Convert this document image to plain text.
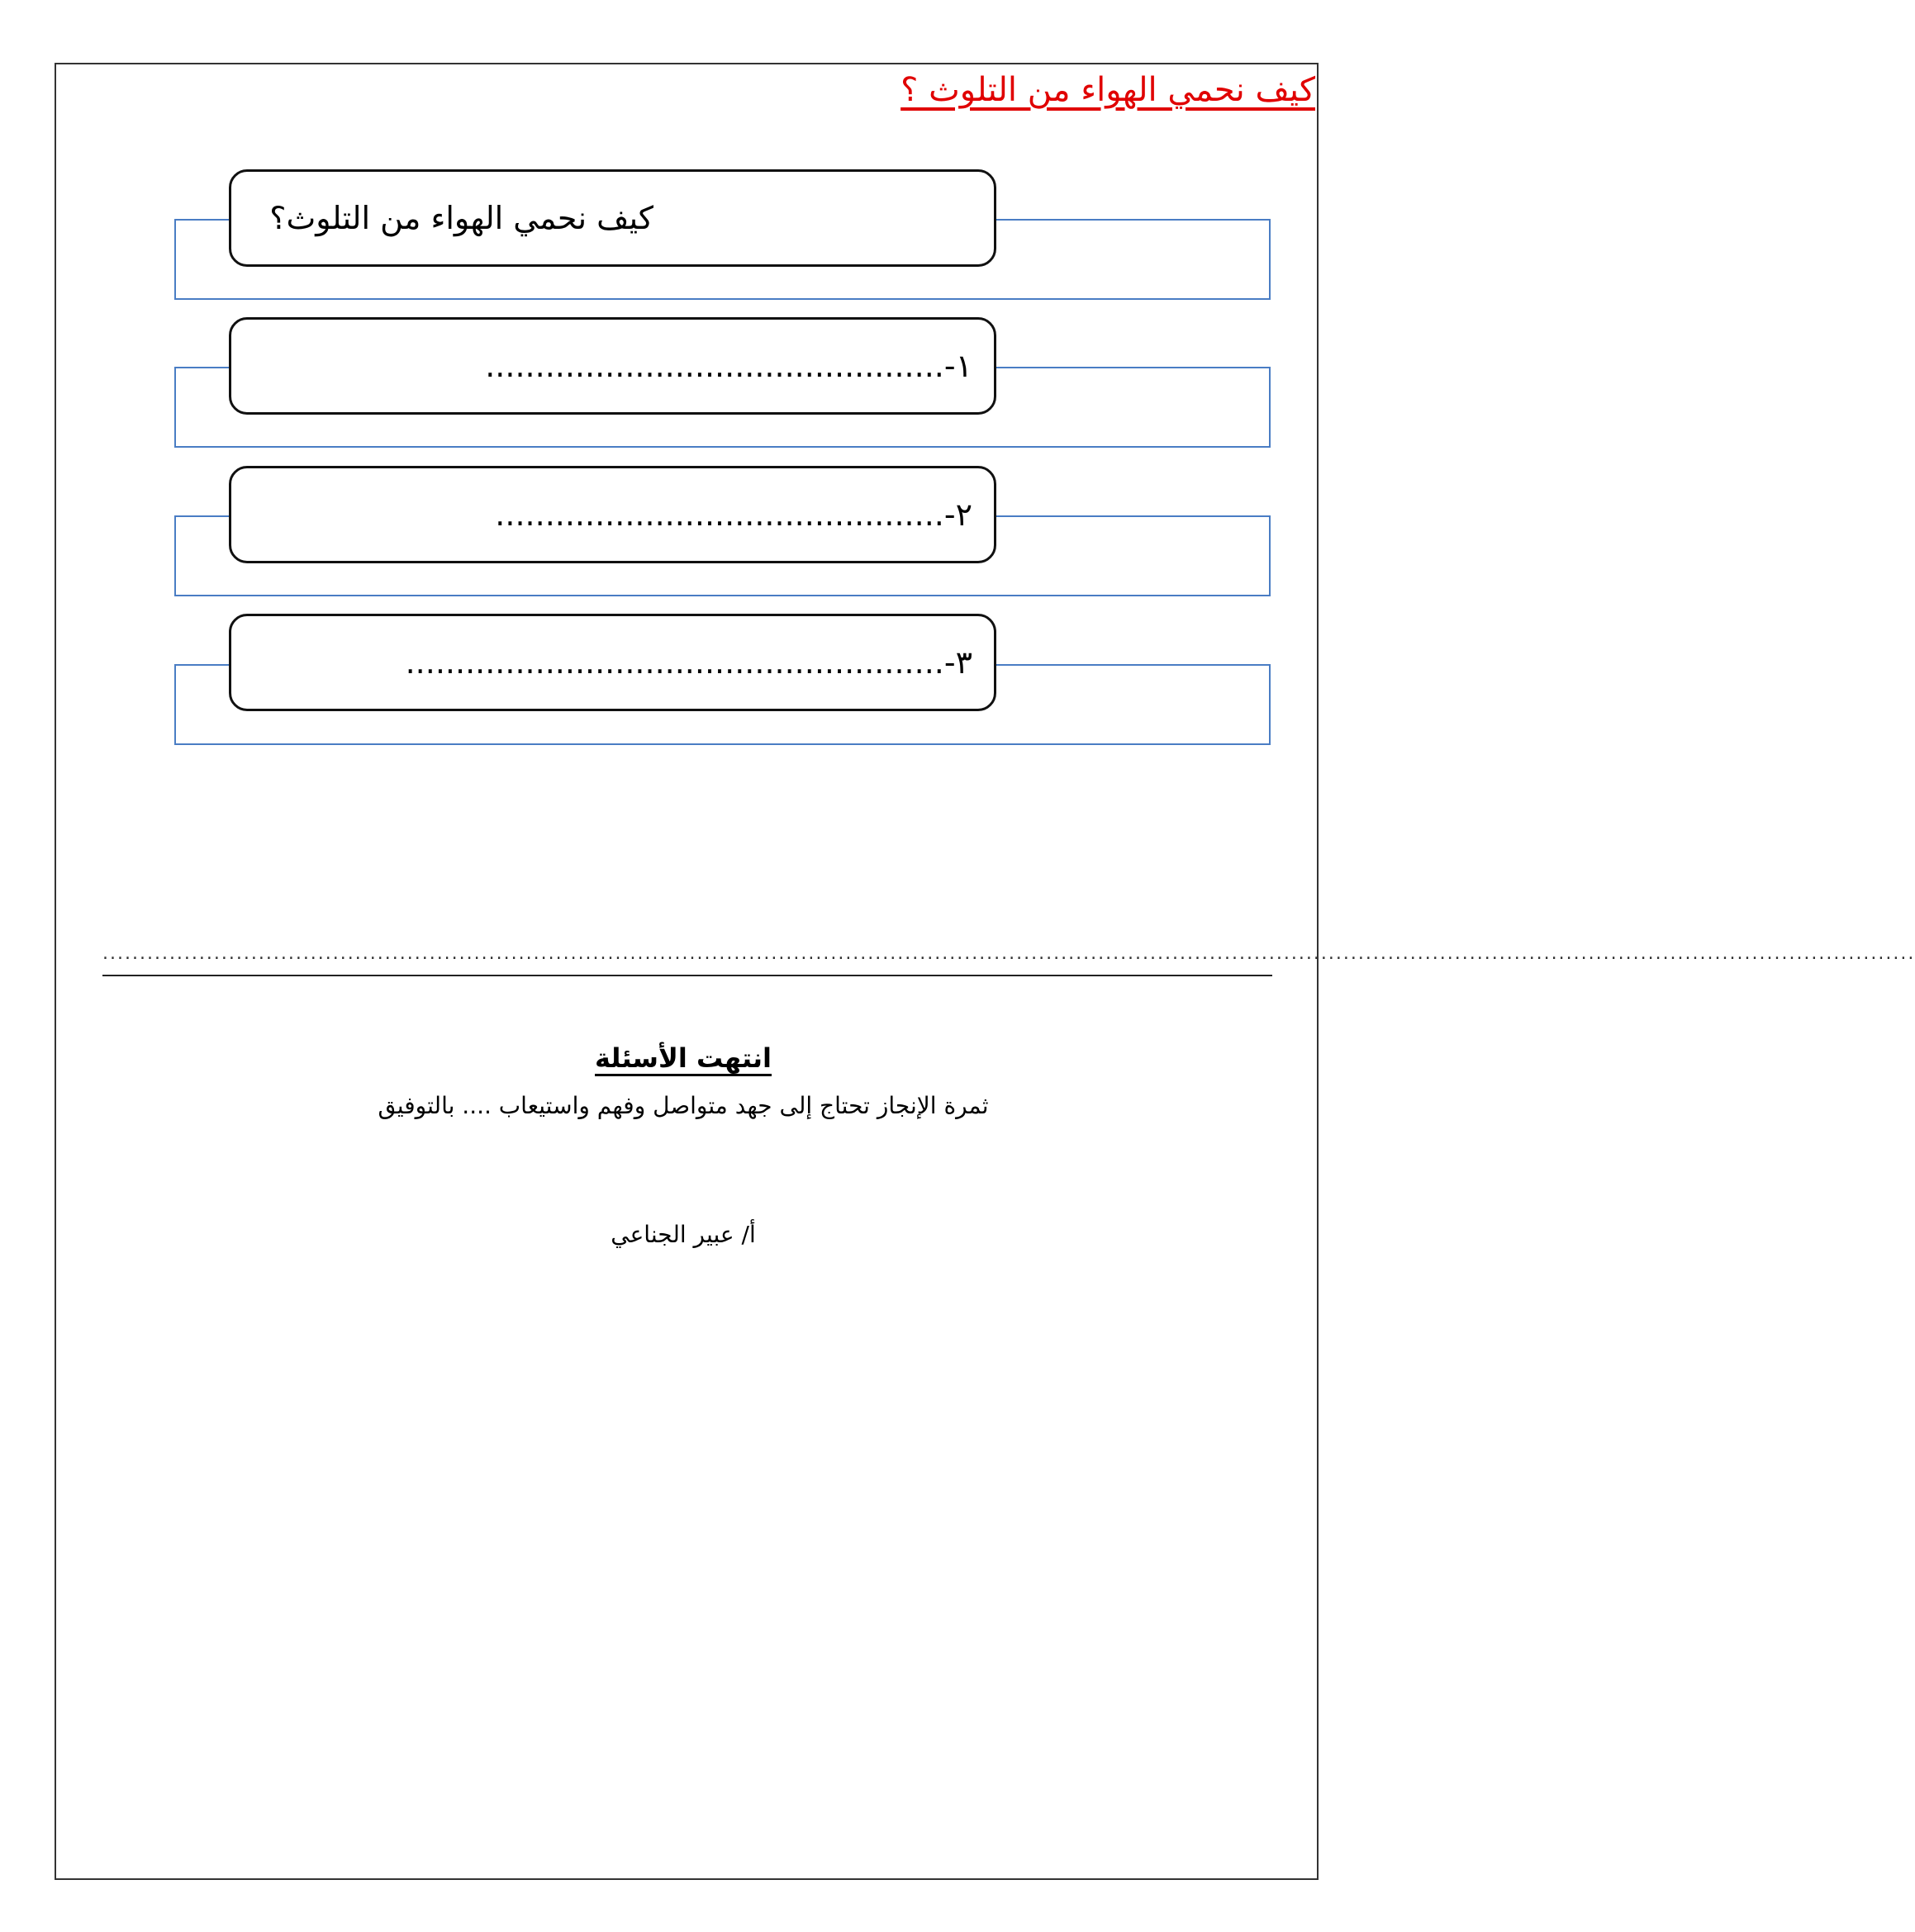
كيف نحمي الهواء من التلوث ؟
كيف نحمي الهواء من التلوث؟
١-..............................................
٢-.............................................
٣-......................................................
....................................................................................................................................................................................................................................................
انتهت الأسئلة
ثمرة الإنجاز تحتاج إلى جهد متواصل وفهم واستيعاب .... بالتوفيق
أ/ عبير الجناعي
